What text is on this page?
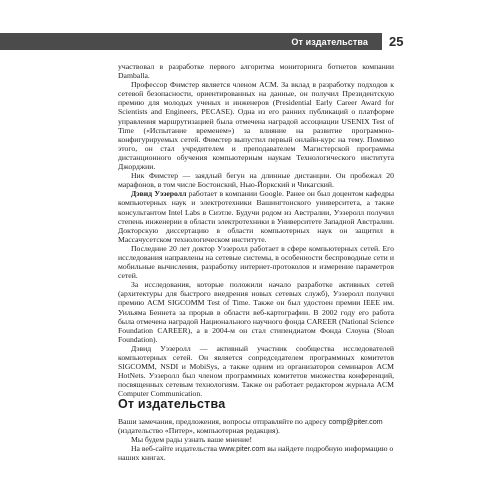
От издательства	25

участвовал в разработке первого алгоритма мониторинга ботнетов компании Damballa.

Профессор Фимстер является членом ACM. За вклад в разработку подходов к сетевой безопасности, ориентированных на данные, он получил Президентскую премию для молодых ученых и инженеров (Presidential Early Career Award for Scientists and Engineers, PECASE). Одна из его ранних публикаций о платформе управления маршрутизацией была отмечена наградой ассоциации USENIX Test of Time («Испытание временем») за влияние на развитие программно-конфигурируемых сетей. Фимстер выпустил первый онлайн-курс на тему. Помимо этого, он стал учредителем и преподавателем Магистерской программы дистанционного обучения компьютерным наукам Технологического института Джорджии.

Ник Фимстер — заядлый бегун на длинные дистанции. Он пробежал 20 марафонов, в том числе Бостонский, Нью-Йоркский и Чикагский.

Дэвид Уэзеролл работает в компании Google. Ранее он был доцентом кафедры компьютерных наук и электротехники Вашингтонского университета, а также консультантом Intel Labs в Сиэтле. Будучи родом из Австралии, Уэзеролл получил степень инженерии в области электротехники в Университете Западной Австралии. Докторскую диссертацию в области компьютерных наук он защитил в Массачусетском технологическом институте.

Последние 20 лет доктор Уэзеролл работает в сфере компьютерных сетей. Его исследования направлены на сетевые системы, в особенности беспроводные сети и мобильные вычисления, разработку интернет-протоколов и измерение параметров сетей.

За исследования, которые положили начало разработке активных сетей (архитектуры для быстрого внедрения новых сетевых служб), Уэзеролл получил премию ACM SIGCOMM Test of Time. Также он был удостоен премии IEEE им. Уильяма Беннета за прорыв в области веб-картографии. В 2002 году его работа была отмечена наградой Национального научного фонда CAREER (National Science Foundation CAREER), а в 2004-м он стал стипендиатом Фонда Слоуна (Sloan Foundation).

Дэвид Уэзеролл — активный участник сообщества исследователей компьютерных сетей. Он является сопредседателем программных комитетов SIGCOMM, NSDI и MobiSys, а также одним из организаторов семинаров ACM HotNets. Уэзеролл был членом программных комитетов множества конференций, посвященных сетевым технологиям. Также он работает редактором журнала ACM Computer Communication.

От издательства

Ваши замечания, предложения, вопросы отправляйте по адресу comp@piter.com (издательство «Питер», компьютерная редакция).

Мы будем рады узнать ваше мнение!

На веб-сайте издательства www.piter.com вы найдете подробную информацию о наших книгах.
